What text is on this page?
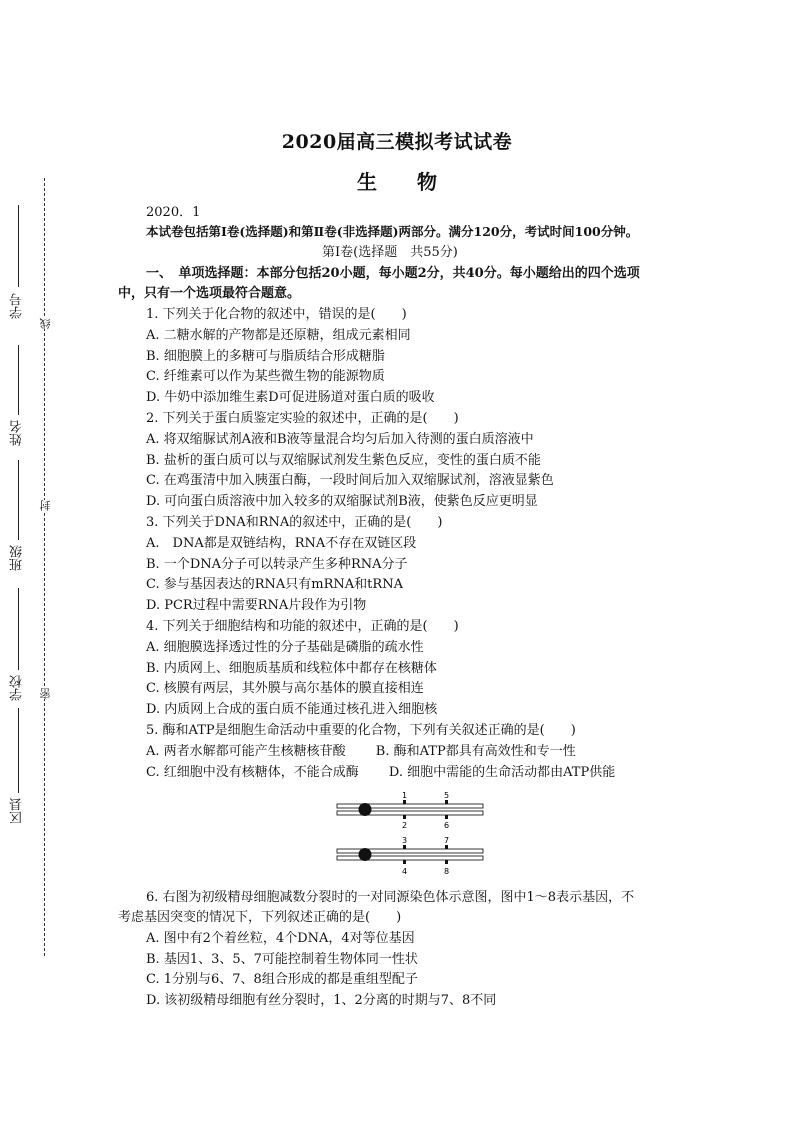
学号
姓名
班级
学校
区县
线
封
密
2020届高三模拟考试试卷
生 物
2020．1
本试卷包括第Ⅰ卷(选择题)和第Ⅱ卷(非选择题)两部分。满分120分，考试时间100分钟。
第Ⅰ卷(选择题　共55分)
一、　单项选择题：本部分包括20小题，每小题2分，共40分。每小题给出的四个选项
中，只有一个选项最符合题意。
1. 下列关于化合物的叙述中，错误的是(　　)
A. 二糖水解的产物都是还原糖，组成元素相同
B. 细胞膜上的多糖可与脂质结合形成糖脂
C. 纤维素可以作为某些微生物的能源物质
D. 牛奶中添加维生素D可促进肠道对蛋白质的吸收
2. 下列关于蛋白质鉴定实验的叙述中，正确的是(　　)
A. 将双缩脲试剂A液和B液等量混合均匀后加入待测的蛋白质溶液中
B. 盐析的蛋白质可以与双缩脲试剂发生紫色反应，变性的蛋白质不能
C. 在鸡蛋清中加入胰蛋白酶，一段时间后加入双缩脲试剂，溶液显紫色
D. 可向蛋白质溶液中加入较多的双缩脲试剂B液，使紫色反应更明显
3. 下列关于DNA和RNA的叙述中，正确的是(　　)
A.　DNA都是双链结构，RNA不存在双链区段
B. 一个DNA分子可以转录产生多种RNA分子
C. 参与基因表达的RNA只有mRNA和tRNA
D. PCR过程中需要RNA片段作为引物
4. 下列关于细胞结构和功能的叙述中，正确的是(　　)
A. 细胞膜选择透过性的分子基础是磷脂的疏水性
B. 内质网上、细胞质基质和线粒体中都存在核糖体
C. 核膜有两层，其外膜与高尔基体的膜直接相连
D. 内质网上合成的蛋白质不能通过核孔进入细胞核
5. 酶和ATP是细胞生命活动中重要的化合物，下列有关叙述正确的是(　　)
A. 两者水解都可能产生核糖核苷酸　　 B. 酶和ATP都具有高效性和专一性
C. 红细胞中没有核糖体，不能合成酶　　 D. 细胞中需能的生命活动都由ATP供能
1	5
2	6
3	7
4	8
6. 右图为初级精母细胞减数分裂时的一对同源染色体示意图，图中1～8表示基因，不
考虑基因突变的情况下，下列叙述正确的是(　　)
A. 图中有2个着丝粒，4个DNA，4对等位基因
B. 基因1、3、5、7可能控制着生物体同一性状
C. 1分别与6、7、8组合形成的都是重组型配子
D. 该初级精母细胞有丝分裂时，1、2分离的时期与7、8不同
